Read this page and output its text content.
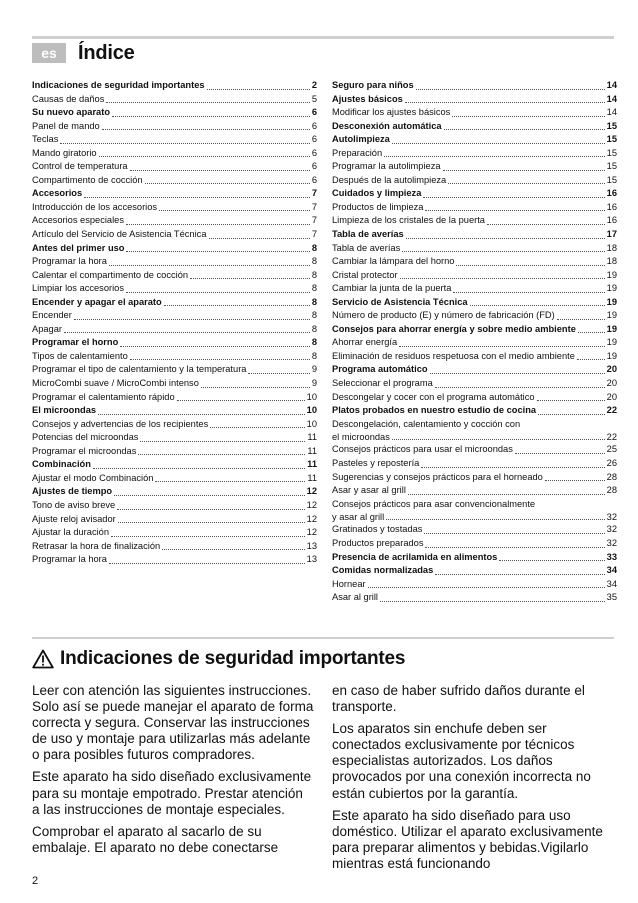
es	Índice
Indicaciones de seguridad importantes	2
Causas de daños	5
Su nuevo aparato	6
Panel de mando	6
Teclas	6
Mando giratorio	6
Control de temperatura	6
Compartimento de cocción	6
Accesorios	7
Introducción de los accesorios	7
Accesorios especiales	7
Artículo del Servicio de Asistencia Técnica	7
Antes del primer uso	8
Programar la hora	8
Calentar el compartimento de cocción	8
Limpiar los accesorios	8
Encender y apagar el aparato	8
Encender	8
Apagar	8
Programar el horno	8
Tipos de calentamiento	8
Programar el tipo de calentamiento y la temperatura	9
MicroCombi suave / MicroCombi intenso	9
Programar el calentamiento rápido	10
El microondas	10
Consejos y advertencias de los recipientes	10
Potencias del microondas	11
Programar el microondas	11
Combinación	11
Ajustar el modo Combinación	11
Ajustes de tiempo	12
Tono de aviso breve	12
Ajuste reloj avisador	12
Ajustar la duración	12
Retrasar la hora de finalización	13
Programar la hora	13
Seguro para niños	14
Ajustes básicos	14
Modificar los ajustes básicos	14
Desconexión automática	15
Autolimpieza	15
Preparación	15
Programar la autolimpieza	15
Después de la autolimpieza	15
Cuidados y limpieza	16
Productos de limpieza	16
Limpieza de los cristales de la puerta	16
Tabla de averías	17
Tabla de averías	18
Cambiar la lámpara del horno	18
Cristal protector	19
Cambiar la junta de la puerta	19
Servicio de Asistencia Técnica	19
Número de producto (E) y número de fabricación (FD)	19
Consejos para ahorrar energía y sobre medio ambiente	19
Ahorrar energía	19
Eliminación de residuos respetuosa con el medio ambiente	19
Programa automático	20
Seleccionar el programa	20
Descongelar y cocer con el programa automático	20
Platos probados en nuestro estudio de cocina	22
Descongelación, calentamiento y cocción con
el microondas	22
Consejos prácticos para usar el microondas	25
Pasteles y repostería	26
Sugerencias y consejos prácticos para el horneado	28
Asar y asar al grill	28
Consejos prácticos para asar convencionalmente
y asar al grill	32
Gratinados y tostadas	32
Productos preparados	32
Presencia de acrilamida en alimentos	33
Comidas normalizadas	34
Hornear	34
Asar al grill	35
Indicaciones de seguridad importantes

Leer con atención las siguientes instrucciones. Solo así se puede manejar el aparato de forma correcta y segura. Conservar las instrucciones de uso y montaje para utilizarlas más adelante o para posibles futuros compradores.

Este aparato ha sido diseñado exclusivamente para su montaje empotrado. Prestar atención a las instrucciones de montaje especiales.

Comprobar el aparato al sacarlo de su embalaje. El aparato no debe conectarse

en caso de haber sufrido daños durante el transporte.

Los aparatos sin enchufe deben ser conectados exclusivamente por técnicos especialistas autorizados. Los daños provocados por una conexión incorrecta no están cubiertos por la garantía.

Este aparato ha sido diseñado para uso doméstico. Utilizar el aparato exclusivamente para preparar alimentos y bebidas.Vigilarlo mientras está funcionando

2
